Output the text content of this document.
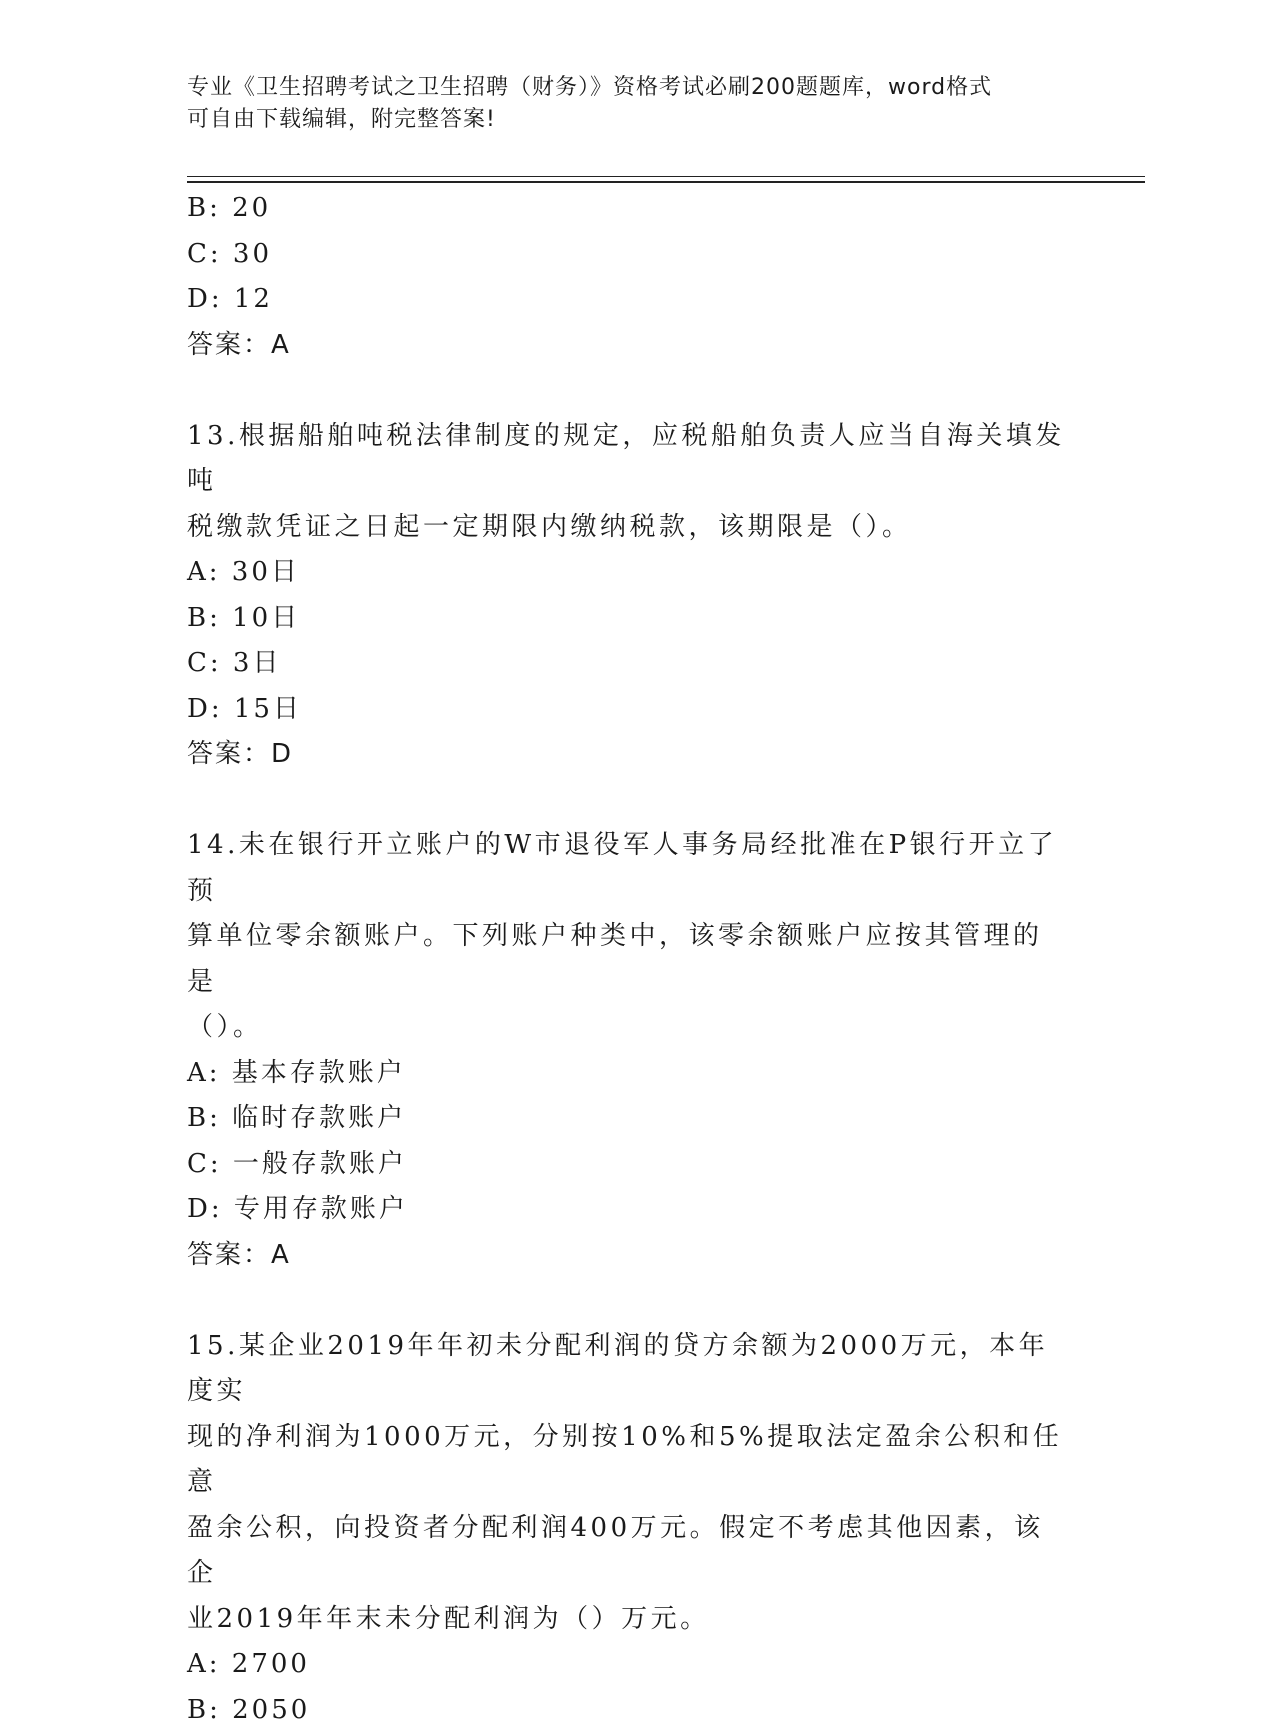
专业《卫生招聘考试之卫生招聘（财务）》资格考试必刷200题题库，word格式
可自由下载编辑，附完整答案!
B: 20
C: 30
D: 12
答案：A
13.根据船舶吨税法律制度的规定，应税船舶负责人应当自海关填发吨
税缴款凭证之日起一定期限内缴纳税款，该期限是（）。
A: 30日
B: 10日
C: 3日
D: 15日
答案：D
14.未在银行开立账户的W市退役军人事务局经批准在P银行开立了预
算单位零余额账户。下列账户种类中，该零余额账户应按其管理的是
（）。
A: 基本存款账户
B: 临时存款账户
C: 一般存款账户
D: 专用存款账户
答案：A
15.某企业2019年年初未分配利润的贷方余额为2000万元，本年度实
现的净利润为1000万元，分别按10%和5%提取法定盈余公积和任意
盈余公积，向投资者分配利润400万元。假定不考虑其他因素，该企
业2019年年末未分配利润为（）万元。
A: 2700
B: 2050
